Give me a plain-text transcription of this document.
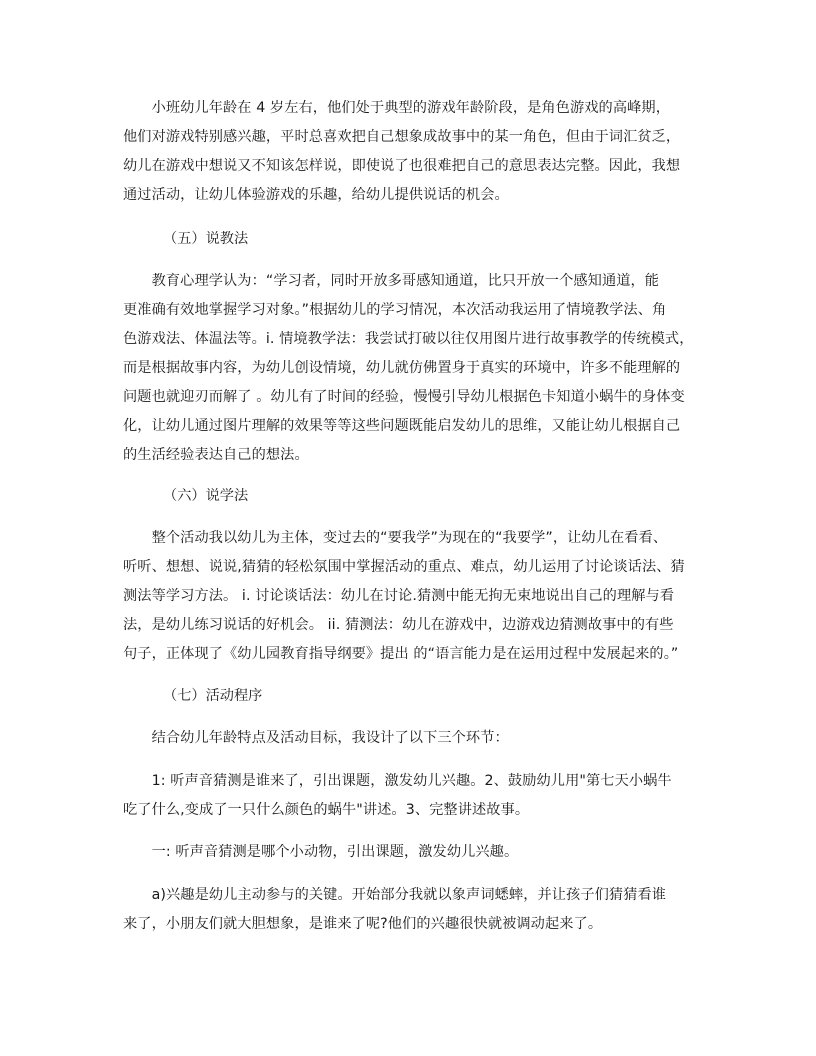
　　小班幼儿年龄在 4 岁左右，他们处于典型的游戏年龄阶段，是角色游戏的高峰期，
他们对游戏特别感兴趣，平时总喜欢把自己想象成故事中的某一角色，但由于词汇贫乏，
幼儿在游戏中想说又不知该怎样说，即使说了也很难把自己的意思表达完整。因此，我想
通过活动，让幼儿体验游戏的乐趣，给幼儿提供说话的机会。
（五）说教法
　　教育心理学认为：“学习者，同时开放多哥感知通道，比只开放一个感知通道，能
更准确有效地掌握学习对象。”根据幼儿的学习情况，本次活动我运用了情境教学法、角
色游戏法、体温法等。i. 情境教学法：我尝试打破以往仅用图片进行故事教学的传统模式，
而是根据故事内容，为幼儿创设情境，幼儿就仿佛置身于真实的环境中，许多不能理解的
问题也就迎刃而解了 。幼儿有了时间的经验，慢慢引导幼儿根据色卡知道小蜗牛的身体变
化，让幼儿通过图片理解的效果等等这些问题既能启发幼儿的思维，又能让幼儿根据自己
的生活经验表达自己的想法。
（六）说学法
　　整个活动我以幼儿为主体，变过去的“要我学”为现在的“我要学”，让幼儿在看看、
听听、想想、说说,猜猜的轻松氛围中掌握活动的重点、难点，幼儿运用了讨论谈话法、猜
测法等学习方法。 i. 讨论谈话法：幼儿在讨论.猜测中能无拘无束地说出自己的理解与看
法，是幼儿练习说话的好机会。 ii. 猜测法：幼儿在游戏中，边游戏边猜测故事中的有些
句子，正体现了《幼儿园教育指导纲要》提出 的“语言能力是在运用过程中发展起来的。”
（七）活动程序
　　结合幼儿年龄特点及活动目标，我设计了以下三个环节：
　　1: 听声音猜测是谁来了，引出课题，激发幼儿兴趣。2、鼓励幼儿用"第七天小蜗牛
吃了什么,变成了一只什么颜色的蜗牛"讲述。3、完整讲述故事。
　　一: 听声音猜测是哪个小动物，引出课题，激发幼儿兴趣。
　　a)兴趣是幼儿主动参与的关键。开始部分我就以象声词蟋蟀，并让孩子们猜猜看谁
来了，小朋友们就大胆想象，是谁来了呢?他们的兴趣很快就被调动起来了。
